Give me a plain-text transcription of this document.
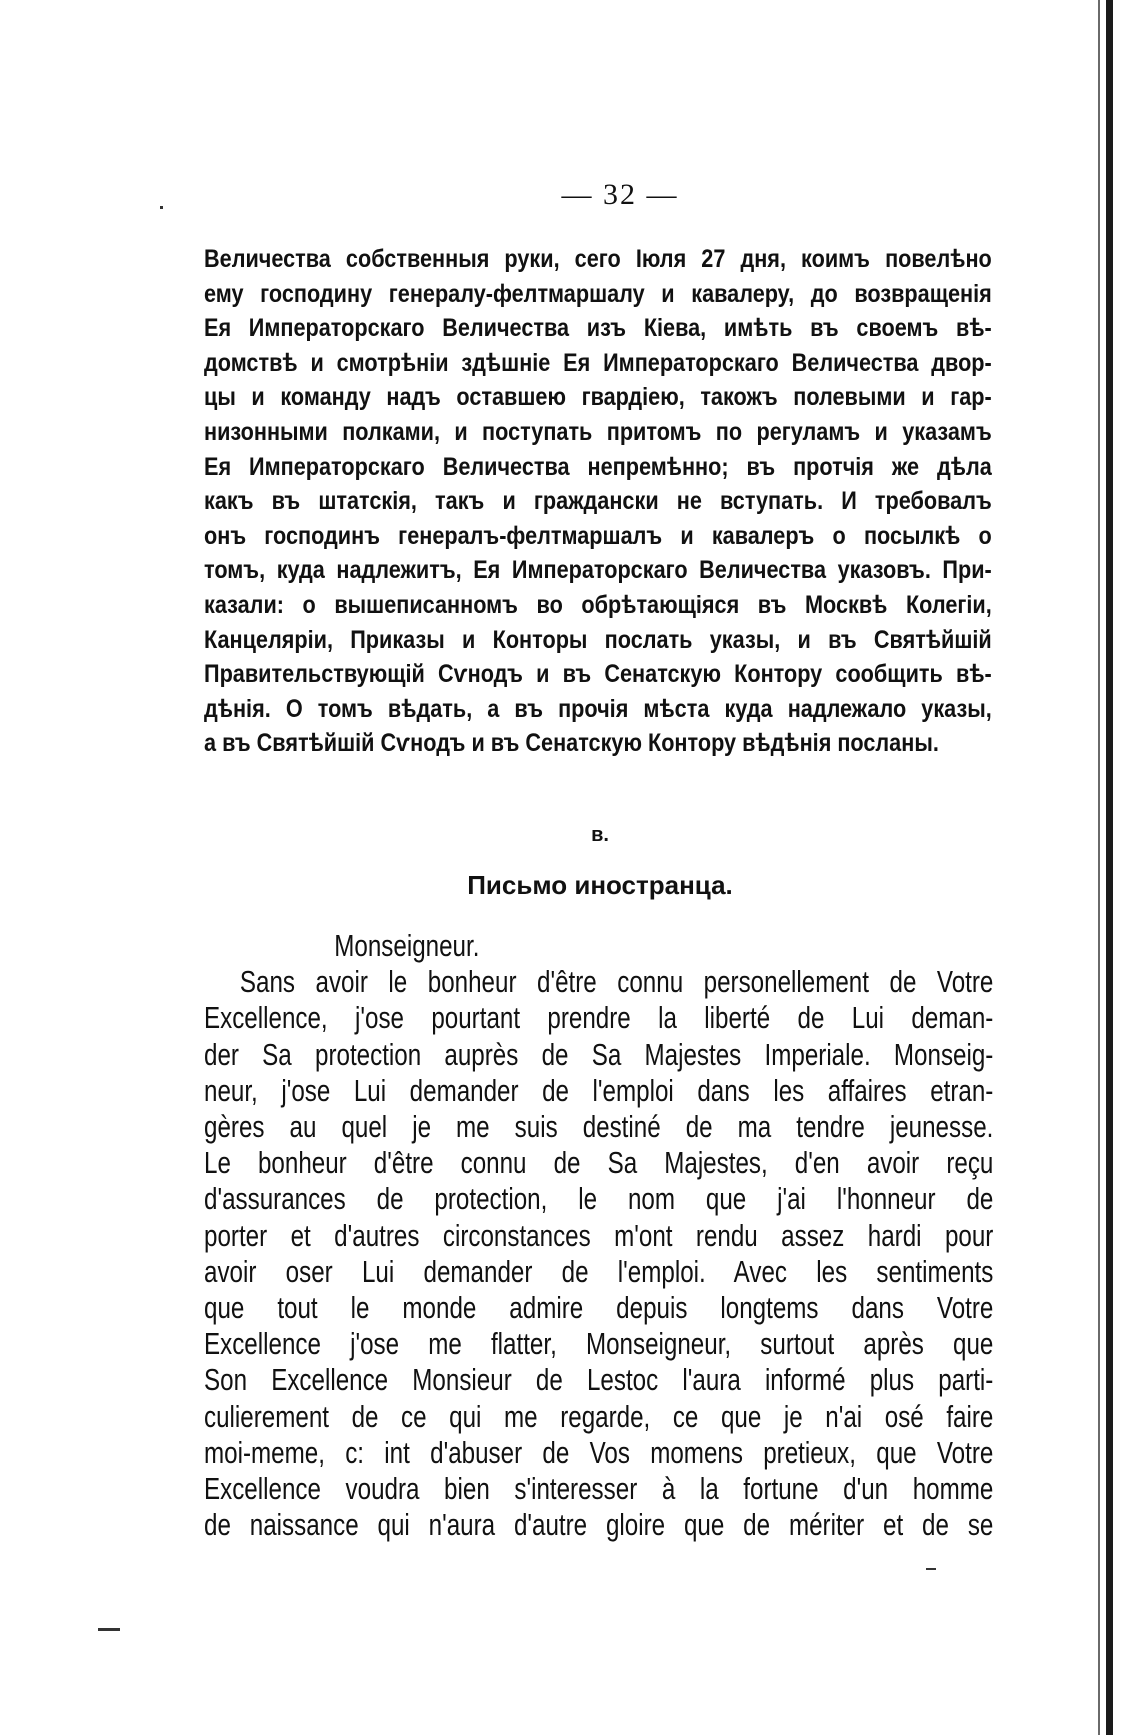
— 32 —
Величества собственныя руки, сего Іюля 27 дня, коимъ повелѣно
ему господину генералу-фелтмаршалу и кавалеру, до возвращенія
Ея Императорскаго Величества изъ Кіева, имѣть въ своемъ вѣ-
домствѣ и смотрѣніи здѣшніе Ея Императорскаго Величества двор-
цы и команду надъ оставшею гвардіею, такожъ полевыми и гар-
низонными полками, и поступать притомъ по регуламъ и указамъ
Ея Императорскаго Величества непремѣнно; въ протчія же дѣла
какъ въ штатскія, такъ и граждански не вступать. И требовалъ
онъ господинъ генералъ-фелтмаршалъ и кавалеръ о посылкѣ о
томъ, куда надлежитъ, Ея Императорскаго Величества указовъ. При-
казали: о вышеписанномъ во обрѣтающіяся въ Москвѣ Колегіи,
Канцеляріи, Приказы и Конторы послать указы, и въ Святѣйшій
Правительствующій Сѵнодъ и въ Сенатскую Контору сообщить вѣ-
дѣнія. О томъ вѣдать, а въ прочія мѣста куда надлежало указы,
а въ Святѣйшій Сѵнодъ и въ Сенатскую Контору вѣдѣнія посланы.
в.
Письмо иностранца.
Monseigneur.
Sans avoir le bonheur d'être connu personellement de Votre
Excellence, j'ose pourtant prendre la liberté de Lui deman-
der Sa protection auprès de Sa Majestes Imperiale. Monseig-
neur, j'ose Lui demander de l'emploi dans les affaires etran-
gères au quel je me suis destiné de ma tendre jeunesse.
Le bonheur d'être connu de Sa Majestes, d'en avoir reçu
d'assurances de protection, le nom que j'ai l'honneur de
porter et d'autres circonstances m'ont rendu assez hardi pour
avoir oser Lui demander de l'emploi. Avec les sentiments
que tout le monde admire depuis longtems dans Votre
Excellence j'ose me flatter, Monseigneur, surtout après que
Son Excellence Monsieur de Lestoc l'aura informé plus parti-
culierement de ce qui me regarde, ce que je n'ai osé faire
moi-meme, c: int d'abuser de Vos momens pretieux, que Votre
Excellence voudra bien s'interesser à la fortune d'un homme
de naissance qui n'aura d'autre gloire que de mériter et de se
